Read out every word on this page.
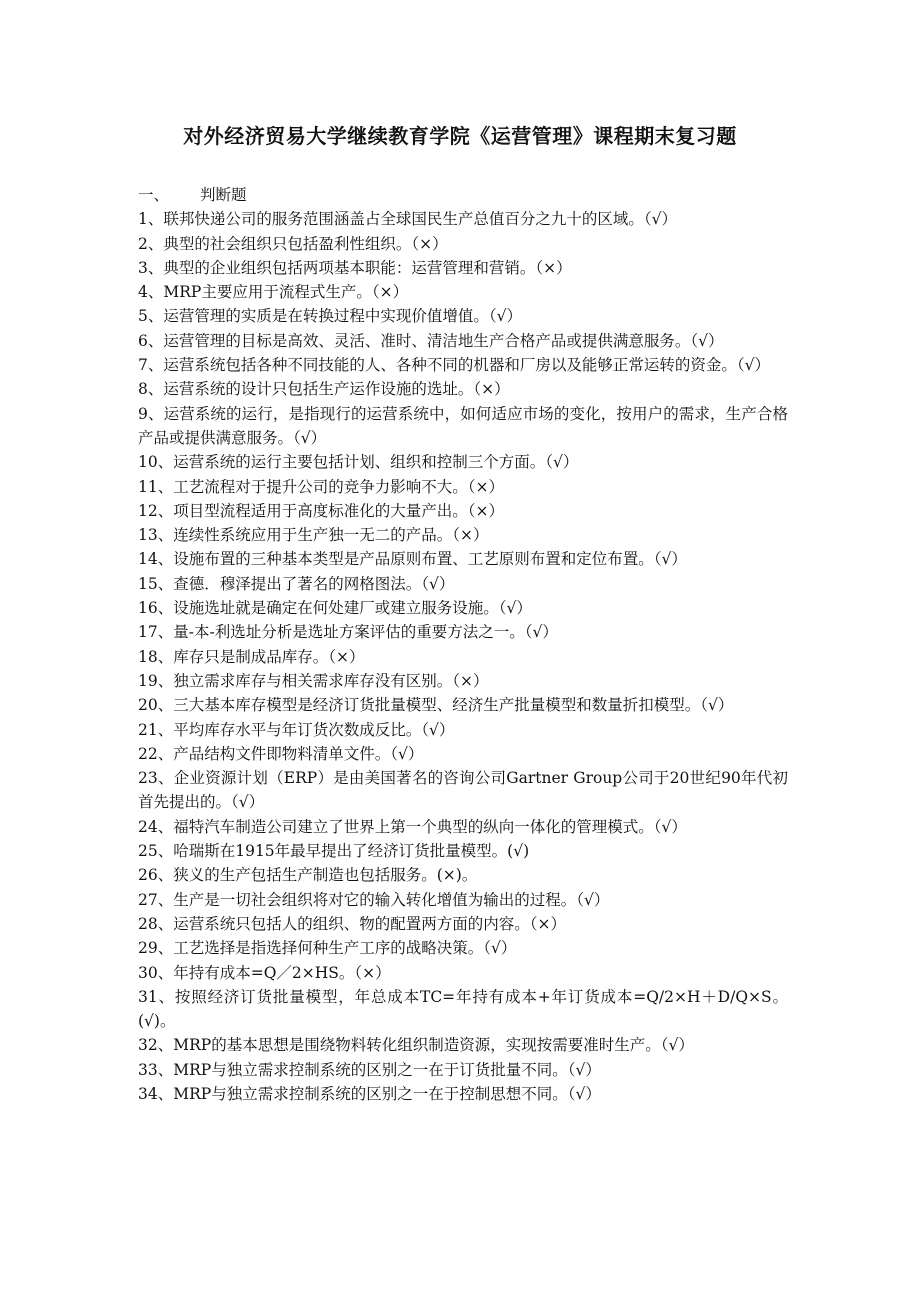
对外经济贸易大学继续教育学院《运营管理》课程期末复习题
一、 判断题
1、联邦快递公司的服务范围涵盖占全球国民生产总值百分之九十的区域。（√）
2、典型的社会组织只包括盈利性组织。（×）
3、典型的企业组织包括两项基本职能：运营管理和营销。（×）
4、MRP主要应用于流程式生产。（×）
5、运营管理的实质是在转换过程中实现价值增值。（√）
6、运营管理的目标是高效、灵活、准时、清洁地生产合格产品或提供满意服务。（√）
7、运营系统包括各种不同技能的人、各种不同的机器和厂房以及能够正常运转的资金。（√）
8、运营系统的设计只包括生产运作设施的选址。（×）
9、运营系统的运行，是指现行的运营系统中，如何适应市场的变化，按用户的需求，生产合格产品或提供满意服务。（√）
10、运营系统的运行主要包括计划、组织和控制三个方面。（√）
11、工艺流程对于提升公司的竞争力影响不大。（×）
12、项目型流程适用于高度标准化的大量产出。（×）
13、连续性系统应用于生产独一无二的产品。（×）
14、设施布置的三种基本类型是产品原则布置、工艺原则布置和定位布置。（√）
15、查德．穆泽提出了著名的网格图法。（√）
16、设施选址就是确定在何处建厂或建立服务设施。（√）
17、量-本-利选址分析是选址方案评估的重要方法之一。（√）
18、库存只是制成品库存。（×）
19、独立需求库存与相关需求库存没有区别。（×）
20、三大基本库存模型是经济订货批量模型、经济生产批量模型和数量折扣模型。（√）
21、平均库存水平与年订货次数成反比。（√）
22、产品结构文件即物料清单文件。（√）
23、企业资源计划（ERP）是由美国著名的咨询公司Gartner Group公司于20世纪90年代初首先提出的。（√）
24、福特汽车制造公司建立了世界上第一个典型的纵向一体化的管理模式。（√）
25、哈瑞斯在1915年最早提出了经济订货批量模型。(√)
26、狭义的生产包括生产制造也包括服务。(×)。
27、生产是一切社会组织将对它的输入转化增值为输出的过程。（√）
28、运营系统只包括人的组织、物的配置两方面的内容。（×）
29、工艺选择是指选择何种生产工序的战略决策。（√）
30、年持有成本=Q／2×HS。（×）
31、按照经济订货批量模型，年总成本TC=年持有成本+年订货成本=Q/2×H＋D/Q×S。(√)。
32、MRP的基本思想是围绕物料转化组织制造资源，实现按需要准时生产。（√）
33、MRP与独立需求控制系统的区别之一在于订货批量不同。（√）
34、MRP与独立需求控制系统的区别之一在于控制思想不同。（√）
